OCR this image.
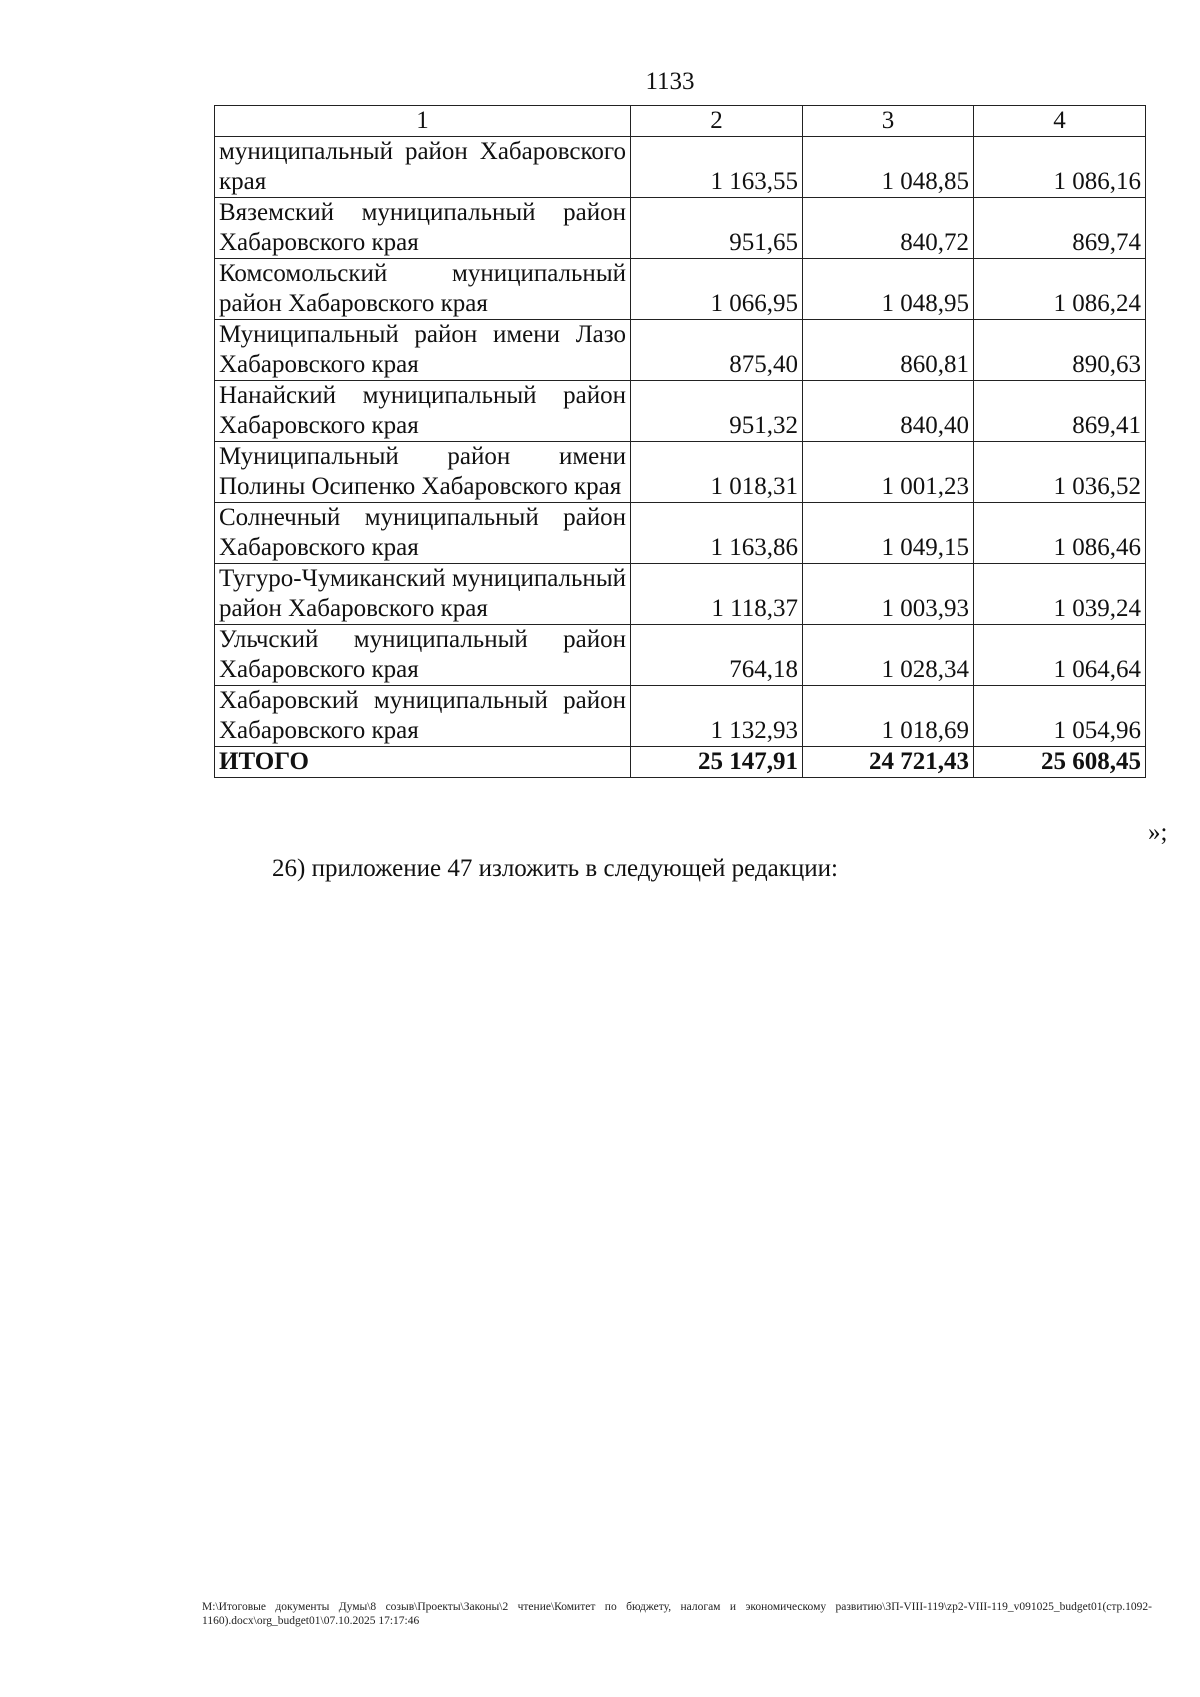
1133
1	2	3	4
муниципальный район Хабаровского края	1 163,55	1 048,85	1 086,16
Вяземский муниципальный район Хабаровского края	951,65	840,72	869,74
Комсомольский муниципальный район Хабаровского края	1 066,95	1 048,95	1 086,24
Муниципальный район имени Лазо Хабаровского края	875,40	860,81	890,63
Нанайский муниципальный район Хабаровского края	951,32	840,40	869,41
Муниципальный район имени Полины Осипенко Хабаровского края	1 018,31	1 001,23	1 036,52
Солнечный муниципальный район Хабаровского края	1 163,86	1 049,15	1 086,46
Тугуро-Чумиканский муниципальный район Хабаровского края	1 118,37	1 003,93	1 039,24
Ульчский муниципальный район Хабаровского края	764,18	1 028,34	1 064,64
Хабаровский муниципальный район Хабаровского края	1 132,93	1 018,69	1 054,96
ИТОГО	25 147,91	24 721,43	25 608,45
»;
26) приложение 47 изложить в следующей редакции:
M:\Итоговые документы Думы\8 созыв\Проекты\Законы\2 чтение\Комитет по бюджету, налогам и экономическому развитию\ЗП-VIII-119\zp2-VIII-119_v091025_budget01(стр.1092-1160).docx\org_budget01\07.10.2025 17:17:46
